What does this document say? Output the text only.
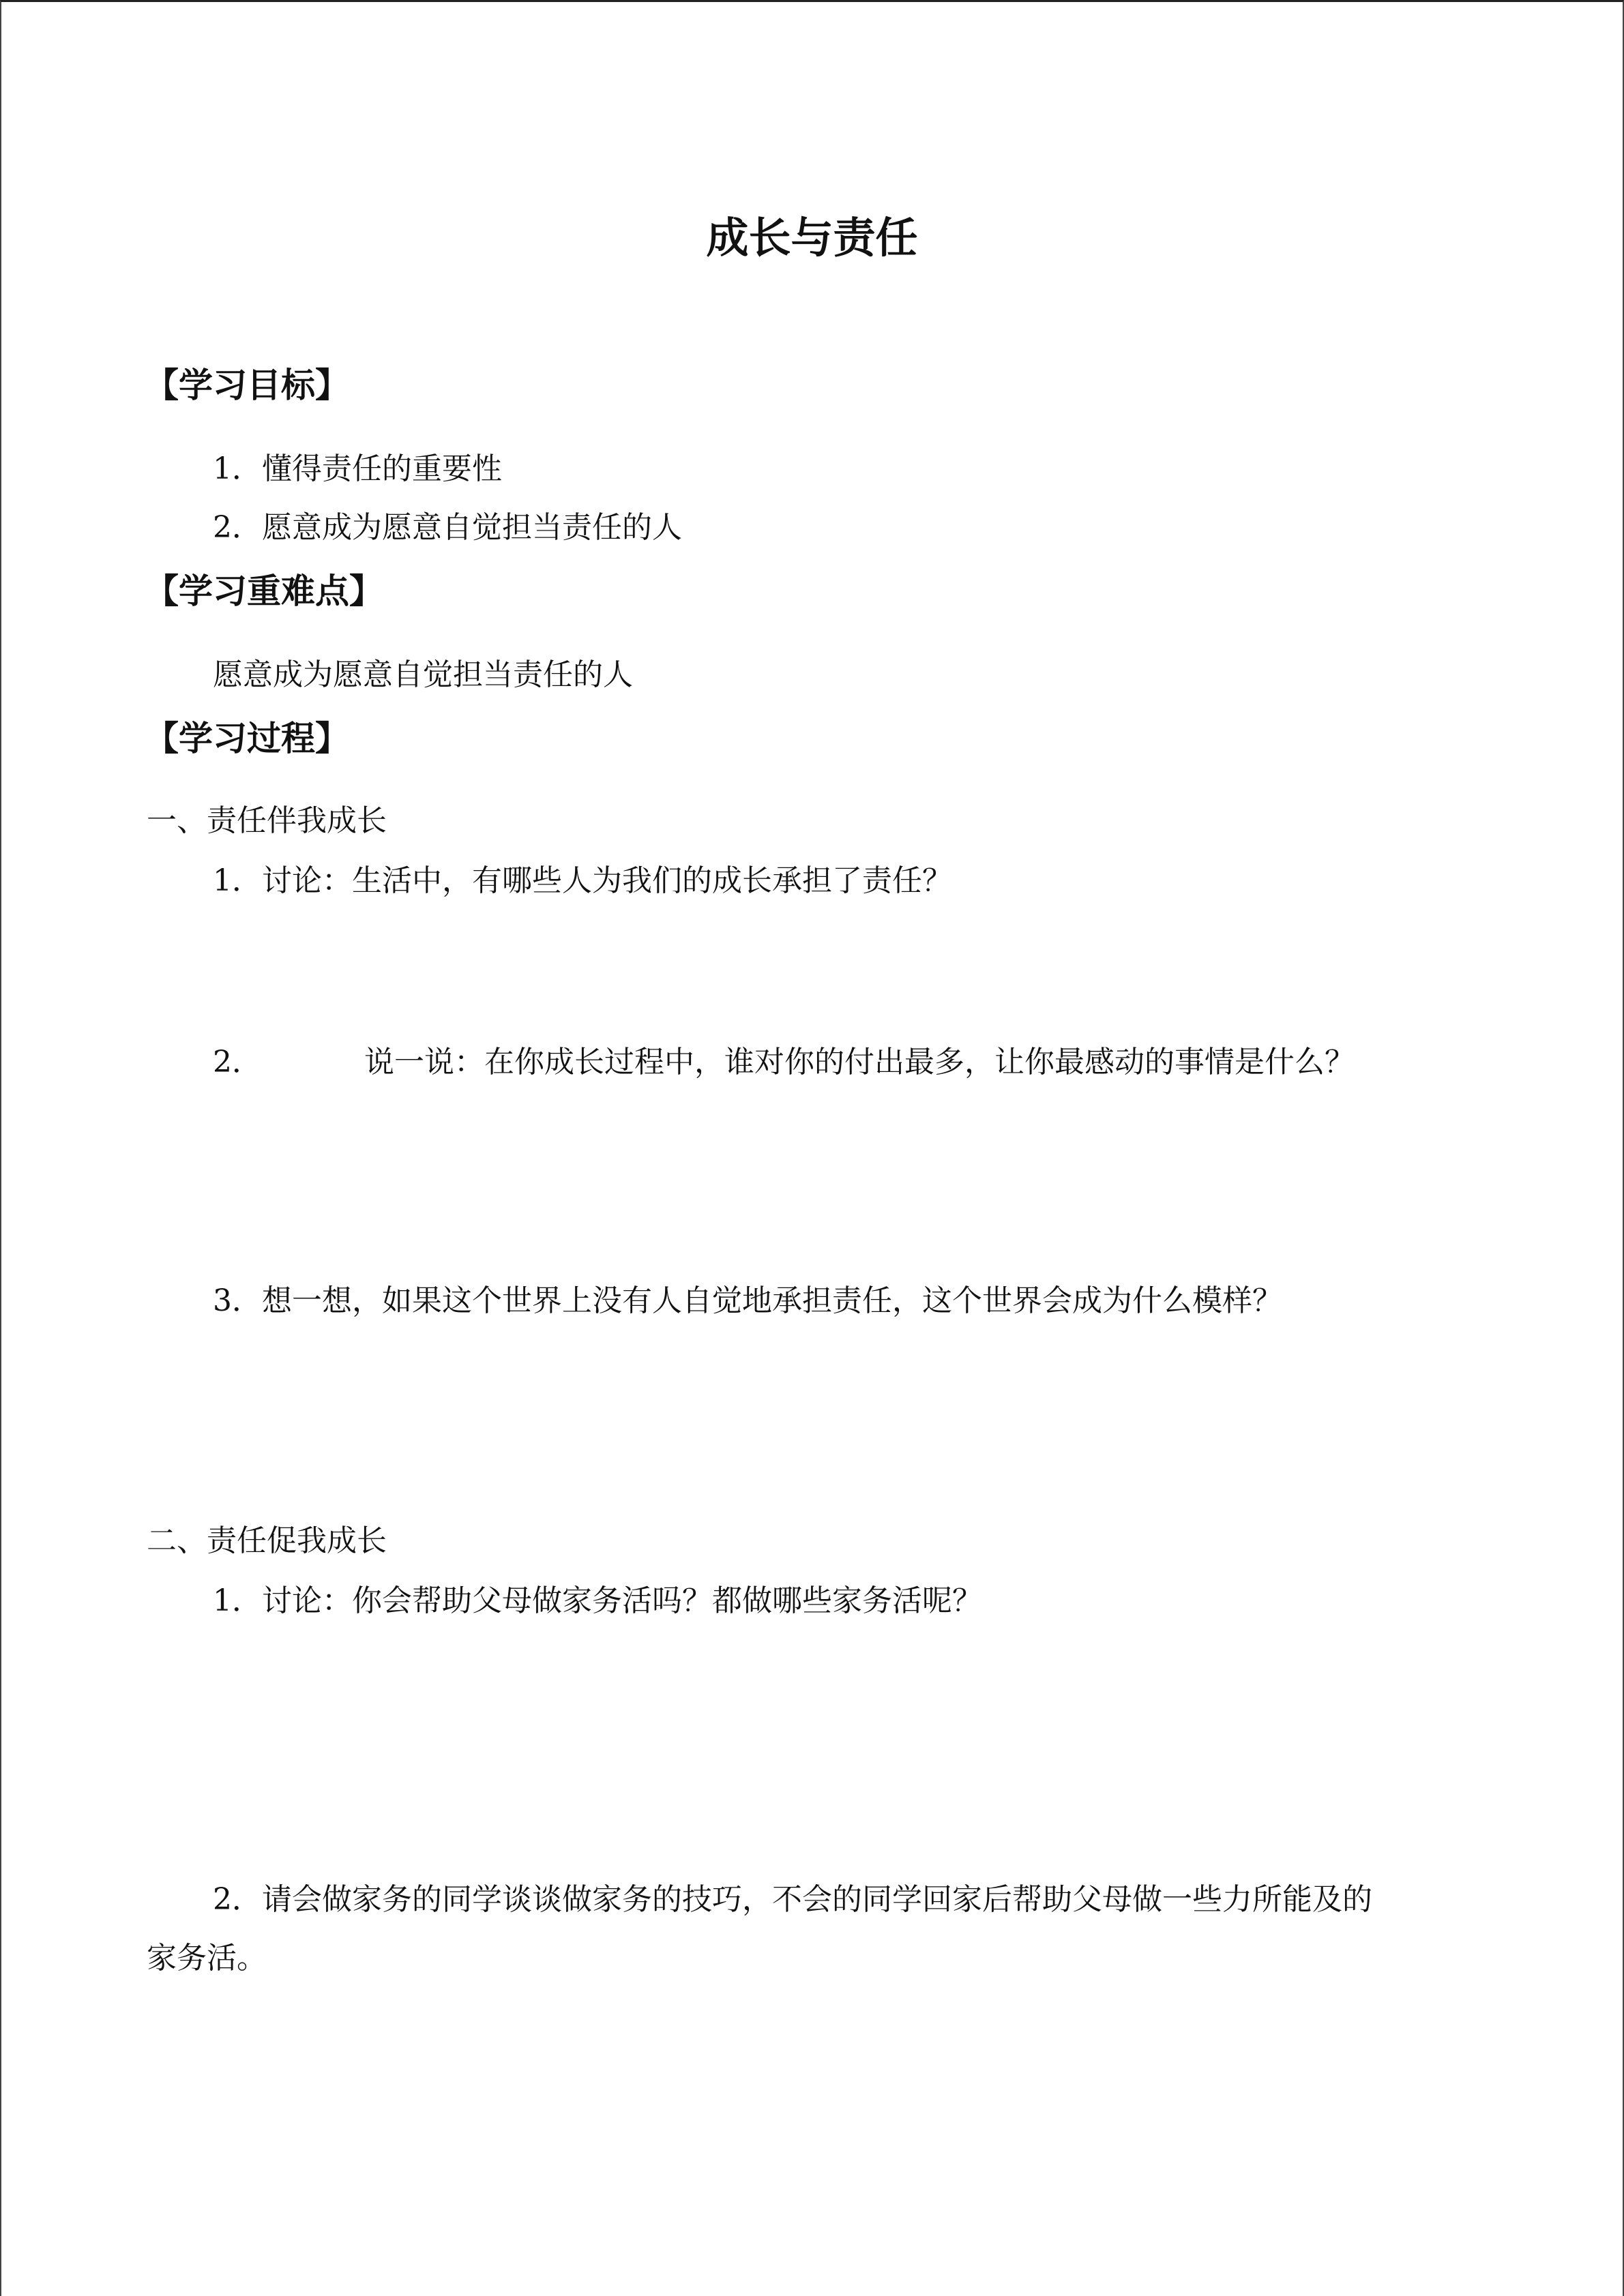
成长与责任
【学习目标】
1．懂得责任的重要性
2．愿意成为愿意自觉担当责任的人
【学习重难点】
愿意成为愿意自觉担当责任的人
【学习过程】
一、责任伴我成长
1．讨论：生活中，有哪些人为我们的成长承担了责任？
2．	说一说：在你成长过程中，谁对你的付出最多，让你最感动的事情是什么？
3．想一想，如果这个世界上没有人自觉地承担责任，这个世界会成为什么模样？
二、责任促我成长
1．讨论：你会帮助父母做家务活吗？都做哪些家务活呢？
2．请会做家务的同学谈谈做家务的技巧，不会的同学回家后帮助父母做一些力所能及的
家务活。
